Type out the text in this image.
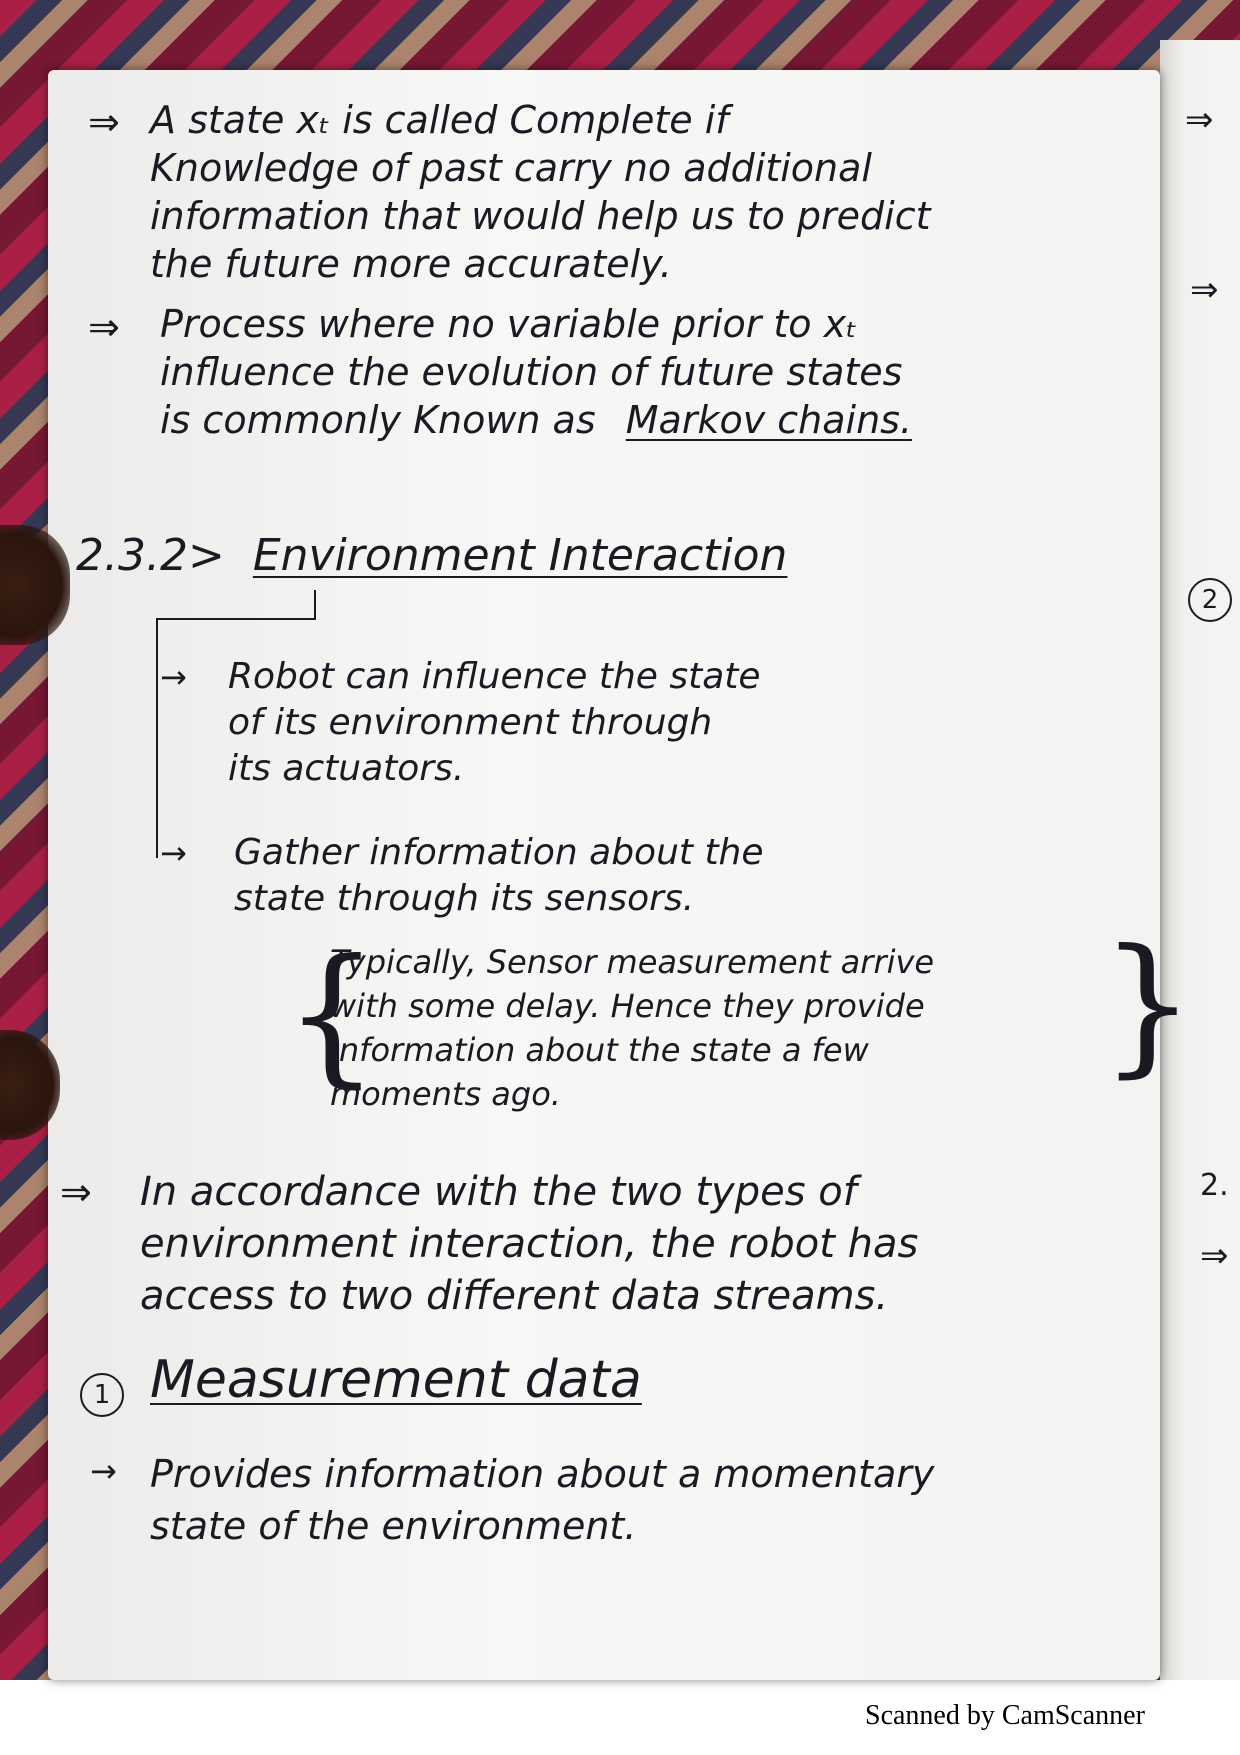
⇒ A state xₜ is called Complete if
Knowledge of past carry no additional
information that would help us to predict
the future more accurately.
⇒ Process where no variable prior to xₜ
influence the evolution of future states
is commonly Known as Markov chains.
2.3.2> Environment Interaction
→ Robot can influence the state
of its environment through
its actuators.
→ Gather information about the
state through its sensors.
{	}
Typically, Sensor measurement arrive
with some delay. Hence they provide
information about the state a few
moments ago.
⇒ In accordance with the two types of
environment interaction, the robot has
access to two different data streams.
1 Measurement data
→ Provides information about a momentary
state of the environment.
⇒
⇒
2
2.
⇒
Scanned by CamScanner
